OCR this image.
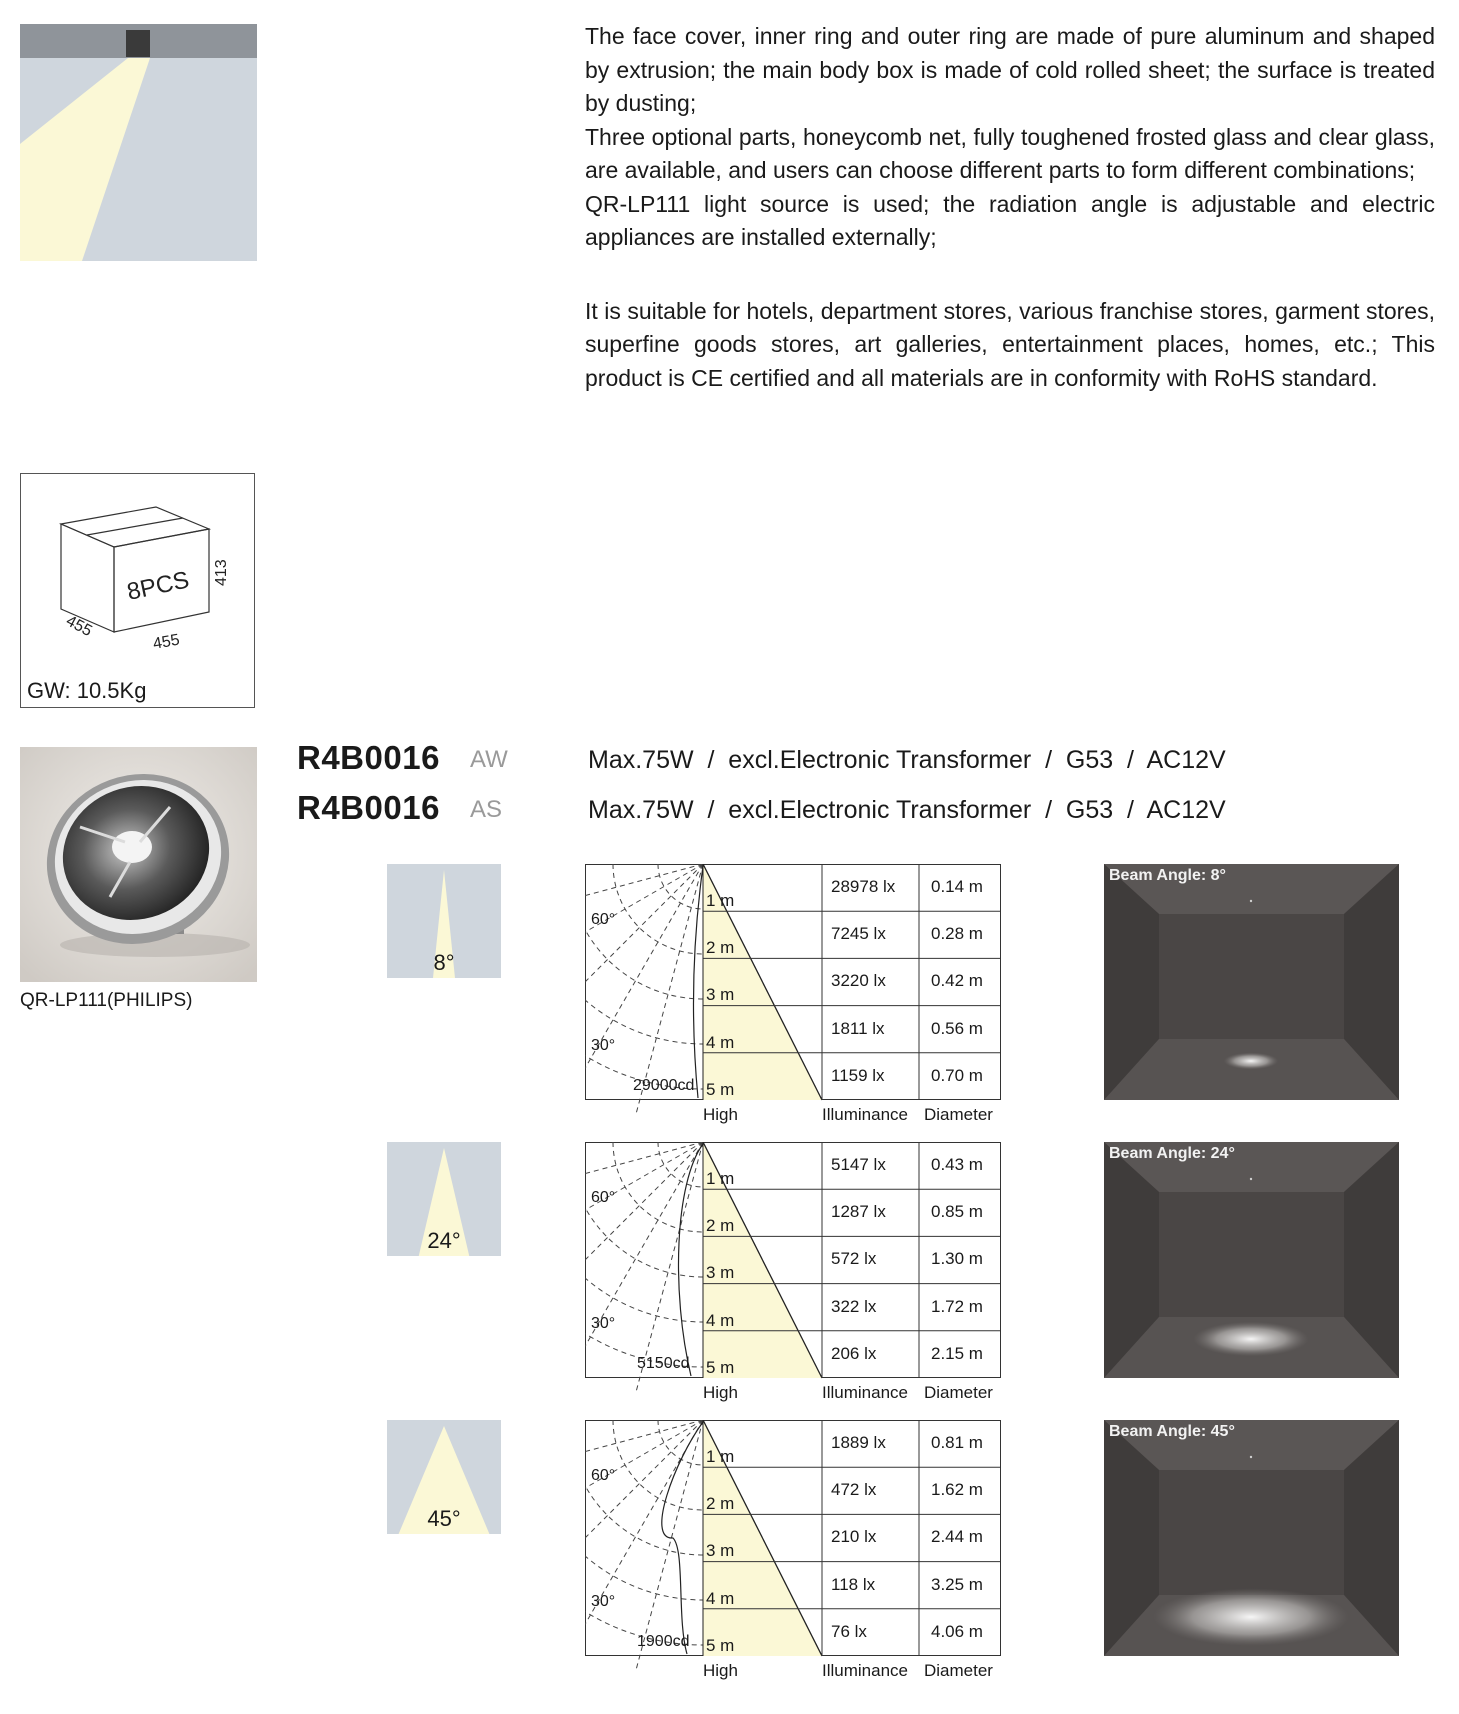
The face cover, inner ring and outer ring are made of pure aluminum and shaped by extrusion; the main body box is made of cold rolled sheet; the surface is treated by dusting;

Three optional parts, honeycomb net, fully toughened frosted glass and clear glass, are available, and users can choose different parts to form different combinations;

QR-LP111 light source is used; the radiation angle is adjustable and electric appliances are installed externally;

It is suitable for hotels, department stores, various franchise stores, garment stores, superfine goods stores, art galleries, entertainment places, homes, etc.; This product is CE certified and all materials are in conformity with RoHS standard.

8PCS 413
455
455
GW: 10.5Kg
QR-LP111(PHILIPS)
R4B0016 AW	Max.75W  /  excl.Electronic Transformer  /  G53  /  AC12V
R4B0016 AS	Max.75W  /  excl.Electronic Transformer  /  G53  /  AC12V
8°
60°
30°
29000cd
1 m
28978 lx 0.14 m
2 m
7245 lx	0.28 m
3 m
3220 lx	0.42 m
4 m
1811 lx	0.56 m
5 m
1159 lx	0.70 m
High	Illuminance Diameter
Beam Angle: 8°
24°
60°
30°
5150cd
1 m
5147 lx	0.43 m
2 m
1287 lx	0.85 m
3 m
572 lx	1.30 m
4 m
322 lx	1.72 m
5 m
206 lx	2.15 m
High	Illuminance Diameter
Beam Angle: 24°
45°
60°
30°
1900cd
1 m
1889 lx	0.81 m
2 m
472 lx	1.62 m
3 m
210 lx	2.44 m
4 m
118 lx	3.25 m
5 m
76 lx	4.06 m
High	Illuminance Diameter
Beam Angle: 45°
